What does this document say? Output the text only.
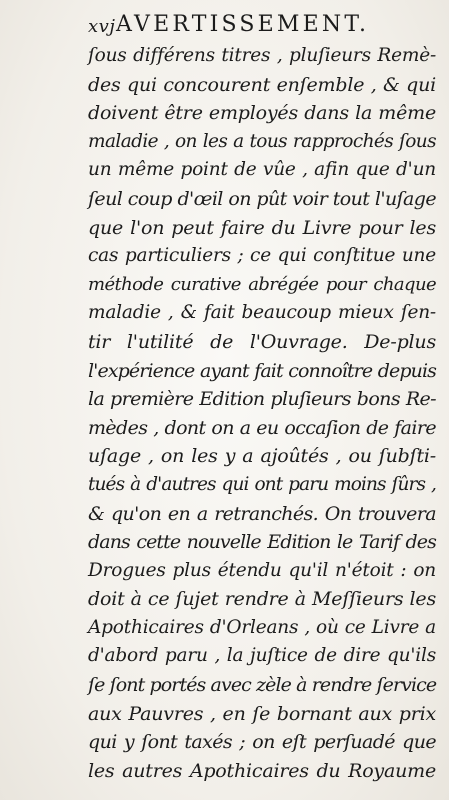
xvj AVERTISSEMENT.
ſous différens titres , pluſieurs Remè-
des qui concourent enſemble , & qui
doivent être employés dans la même
maladie , on les a tous rapprochés ſous
un même point de vûe , afin que d'un
ſeul coup d'œil on pût voir tout l'uſage
que l'on peut faire du Livre pour les
cas particuliers ; ce qui conſtitue une
méthode curative abrégée pour chaque
maladie , & fait beaucoup mieux ſen-
tir l'utilité de l'Ouvrage. De-plus
l'expérience ayant fait connoître depuis
la première Edition pluſieurs bons Re-
mèdes , dont on a eu occaſion de faire
uſage , on les y a ajoûtés , ou ſubſti-
tués à d'autres qui ont paru moins ſûrs ,
& qu'on en a retranchés. On trouvera
dans cette nouvelle Edition le Tarif des
Drogues plus étendu qu'il n'étoit : on
doit à ce ſujet rendre à Meſſieurs les
Apothicaires d'Orleans , où ce Livre a
d'abord paru , la juſtice de dire qu'ils
ſe ſont portés avec zèle à rendre ſervice
aux Pauvres , en ſe bornant aux prix
qui y ſont taxés ; on eſt perſuadé que
les autres Apothicaires du Royaume
